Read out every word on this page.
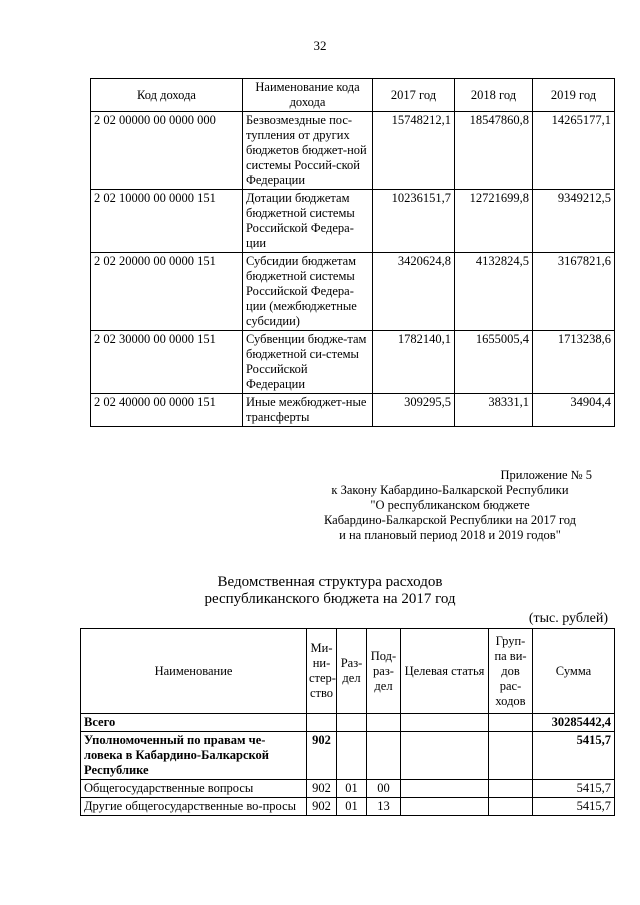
32
Код дохода	Наименование кода дохода	2017 год	2018 год	2019 год
2 02 00000 00 0000 000	Безвозмездные пос-тупления от других бюджетов бюджет-ной системы Россий-ской Федерации	15748212,1	18547860,8	14265177,1
2 02 10000 00 0000 151	Дотации бюджетам бюджетной системы Российской Федера-ции	10236151,7	12721699,8	9349212,5
2 02 20000 00 0000 151	Субсидии бюджетам бюджетной системы Российской Федера-ции (межбюджетные субсидии)	3420624,8	4132824,5	3167821,6
2 02 30000 00 0000 151	Субвенции бюдже-там бюджетной си-стемы Российской Федерации	1782140,1	1655005,4	1713238,6
2 02 40000 00 0000 151	Иные межбюджет-ные трансферты	309295,5	38331,1	34904,4
Приложение № 5
к Закону Кабардино-Балкарской Республики
"О республиканском бюджете
Кабардино-Балкарской Республики на 2017 год
и на плановый период 2018 и 2019 годов"
Ведомственная структура расходов
республиканского бюджета на 2017 год
(тыс. рублей)
Наименование	Ми-ни-стер-ство	Раз-дел	Под-раз-дел	Целевая статья	Груп-па ви-дов рас-ходов	Сумма
Всего						30285442,4
Уполномоченный по правам че-ловека в Кабардино-Балкарской Республике	902					5415,7
Общегосударственные вопросы	902	01	00			5415,7
Другие общегосударственные во-просы	902	01	13			5415,7
